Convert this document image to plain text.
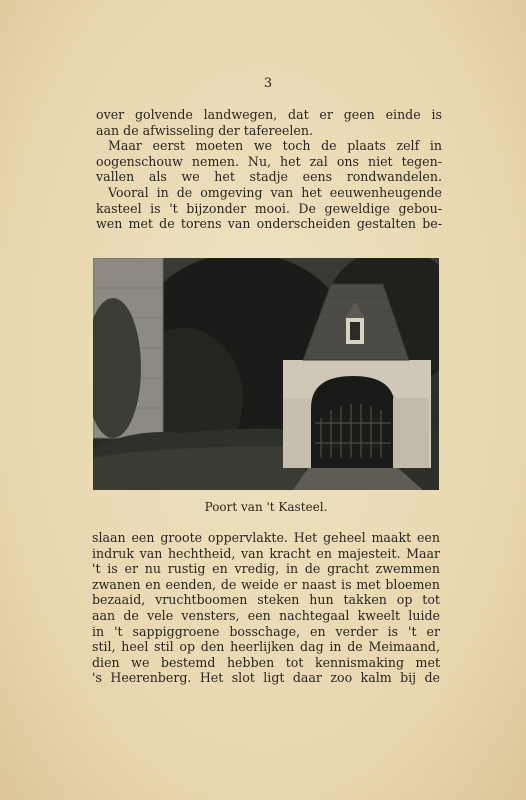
3

over golvende landwegen, dat er geen einde is
aan de afwisseling der tafereelen.

Maar eerst moeten we toch de plaats zelf in
oogenschouw nemen. Nu, het zal ons niet tegen-
vallen als we het stadje eens rondwandelen.

Vooral in de omgeving van het eeuwenheugende
kasteel is 't bijzonder mooi. De geweldige gebou-
wen met de torens van onderscheiden gestalten be-

Poort van 't Kasteel.

slaan een groote oppervlakte. Het geheel maakt een
indruk van hechtheid, van kracht en majesteit. Maar
't is er nu rustig en vredig, in de gracht zwemmen
zwanen en eenden, de weide er naast is met bloemen
bezaaid, vruchtboomen steken hun takken op tot
aan de vele vensters, een nachtegaal kweelt luide
in 't sappiggroene bosschage, en verder is 't er
stil, heel stil op den heerlijken dag in de Meimaand,
dien we bestemd hebben tot kennismaking met
's Heerenberg. Het slot ligt daar zoo kalm bij de
